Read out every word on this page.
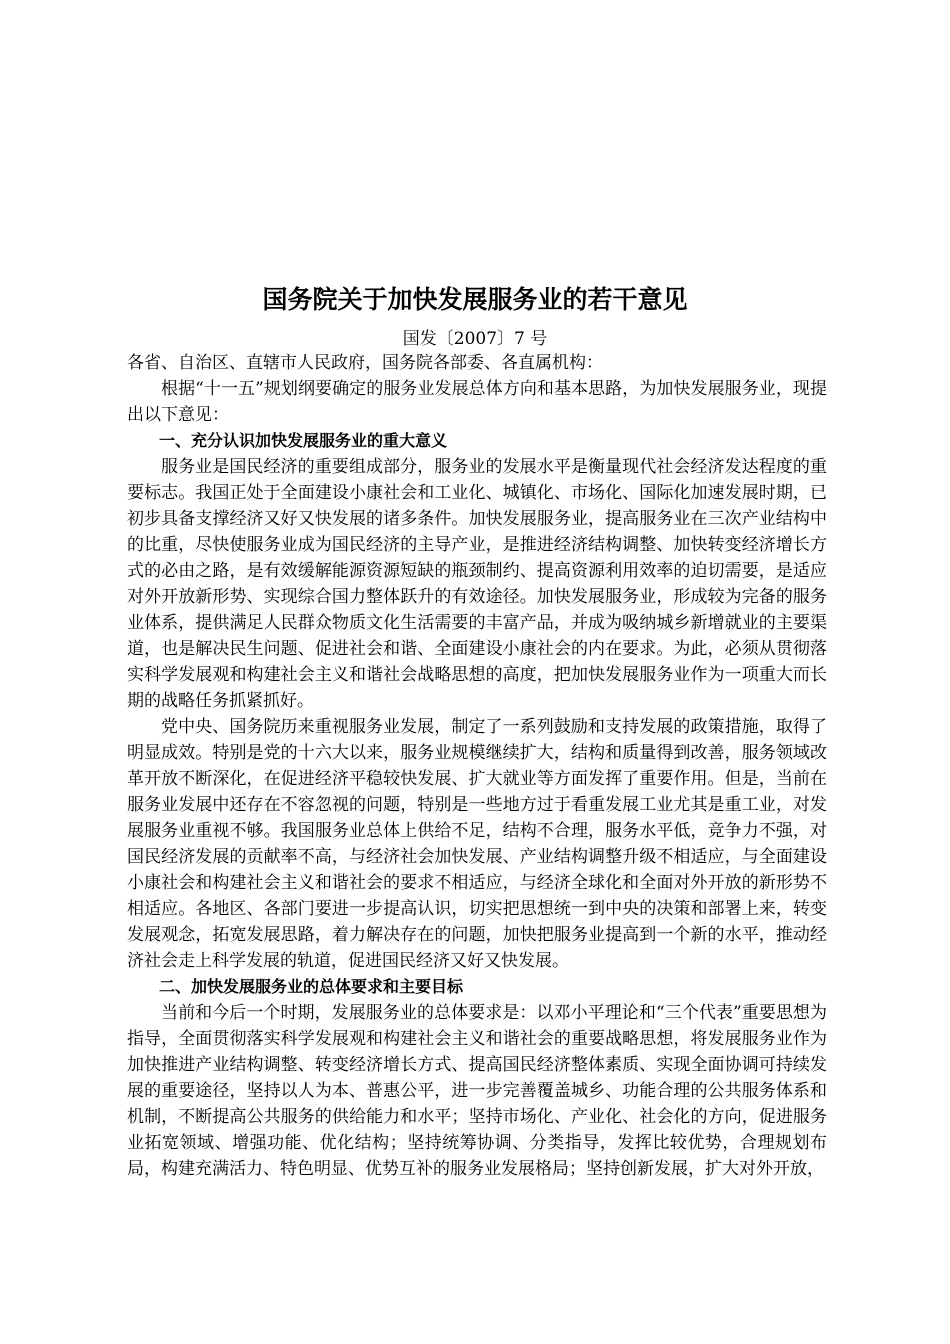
国务院关于加快发展服务业的若干意见
国发〔2007〕7 号

各省、自治区、直辖市人民政府，国务院各部委、各直属机构：

根据“十一五”规划纲要确定的服务业发展总体方向和基本思路，为加快发展服务业，现提出以下意见：

一、充分认识加快发展服务业的重大意义

服务业是国民经济的重要组成部分，服务业的发展水平是衡量现代社会经济发达程度的重要标志。我国正处于全面建设小康社会和工业化、城镇化、市场化、国际化加速发展时期，已初步具备支撑经济又好又快发展的诸多条件。加快发展服务业，提高服务业在三次产业结构中的比重，尽快使服务业成为国民经济的主导产业，是推进经济结构调整、加快转变经济增长方式的必由之路，是有效缓解能源资源短缺的瓶颈制约、提高资源利用效率的迫切需要，是适应对外开放新形势、实现综合国力整体跃升的有效途径。加快发展服务业，形成较为完备的服务业体系，提供满足人民群众物质文化生活需要的丰富产品，并成为吸纳城乡新增就业的主要渠道，也是解决民生问题、促进社会和谐、全面建设小康社会的内在要求。为此，必须从贯彻落实科学发展观和构建社会主义和谐社会战略思想的高度，把加快发展服务业作为一项重大而长期的战略任务抓紧抓好。

党中央、国务院历来重视服务业发展，制定了一系列鼓励和支持发展的政策措施，取得了明显成效。特别是党的十六大以来，服务业规模继续扩大，结构和质量得到改善，服务领域改革开放不断深化，在促进经济平稳较快发展、扩大就业等方面发挥了重要作用。但是，当前在服务业发展中还存在不容忽视的问题，特别是一些地方过于看重发展工业尤其是重工业，对发展服务业重视不够。我国服务业总体上供给不足，结构不合理，服务水平低，竞争力不强，对国民经济发展的贡献率不高，与经济社会加快发展、产业结构调整升级不相适应，与全面建设小康社会和构建社会主义和谐社会的要求不相适应，与经济全球化和全面对外开放的新形势不相适应。各地区、各部门要进一步提高认识，切实把思想统一到中央的决策和部署上来，转变发展观念，拓宽发展思路，着力解决存在的问题，加快把服务业提高到一个新的水平，推动经济社会走上科学发展的轨道，促进国民经济又好又快发展。

二、加快发展服务业的总体要求和主要目标

当前和今后一个时期，发展服务业的总体要求是：以邓小平理论和“三个代表”重要思想为指导，全面贯彻落实科学发展观和构建社会主义和谐社会的重要战略思想，将发展服务业作为加快推进产业结构调整、转变经济增长方式、提高国民经济整体素质、实现全面协调可持续发展的重要途径，坚持以人为本、普惠公平，进一步完善覆盖城乡、功能合理的公共服务体系和机制，不断提高公共服务的供给能力和水平；坚持市场化、产业化、社会化的方向，促进服务业拓宽领域、增强功能、优化结构；坚持统筹协调、分类指导，发挥比较优势，合理规划布局，构建充满活力、特色明显、优势互补的服务业发展格局；坚持创新发展，扩大对外开放，
